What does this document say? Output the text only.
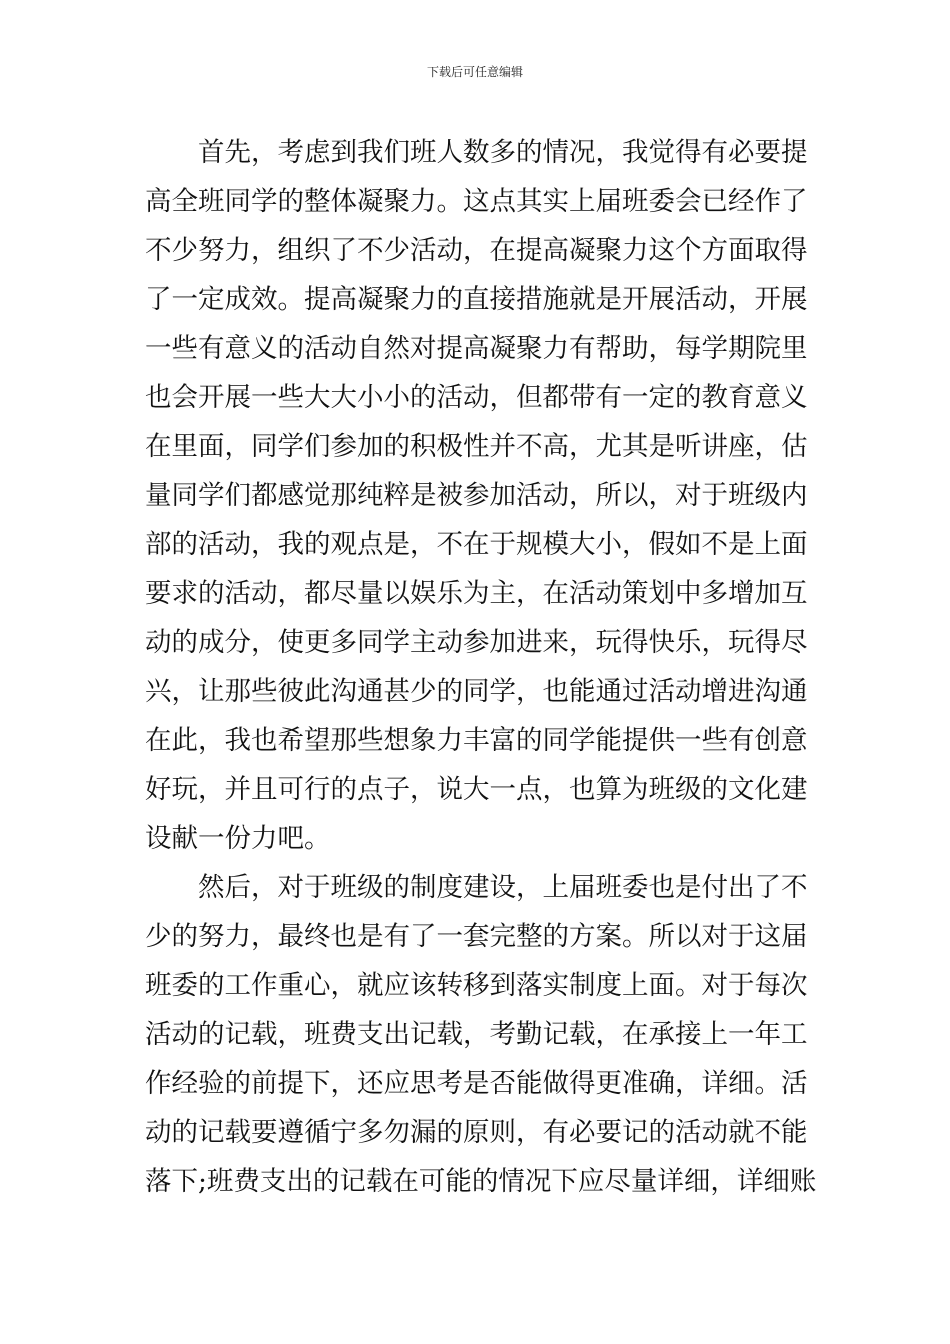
下载后可任意编辑
首先，考虑到我们班人数多的情况，我觉得有必要提
高全班同学的整体凝聚力。这点其实上届班委会已经作了
不少努力，组织了不少活动，在提高凝聚力这个方面取得
了一定成效。提高凝聚力的直接措施就是开展活动，开展
一些有意义的活动自然对提高凝聚力有帮助，每学期院里
也会开展一些大大小小的活动，但都带有一定的教育意义
在里面，同学们参加的积极性并不高，尤其是听讲座，估
量同学们都感觉那纯粹是被参加活动，所以，对于班级内
部的活动，我的观点是，不在于规模大小，假如不是上面
要求的活动，都尽量以娱乐为主，在活动策划中多增加互
动的成分，使更多同学主动参加进来，玩得快乐，玩得尽
兴，让那些彼此沟通甚少的同学，也能通过活动增进沟通
在此，我也希望那些想象力丰富的同学能提供一些有创意
好玩，并且可行的点子，说大一点，也算为班级的文化建
设献一份力吧。
然后，对于班级的制度建设，上届班委也是付出了不
少的努力，最终也是有了一套完整的方案。所以对于这届
班委的工作重心，就应该转移到落实制度上面。对于每次
活动的记载，班费支出记载，考勤记载，在承接上一年工
作经验的前提下，还应思考是否能做得更准确，详细。活
动的记载要遵循宁多勿漏的原则，有必要记的活动就不能
落下;班费支出的记载在可能的情况下应尽量详细，详细账
